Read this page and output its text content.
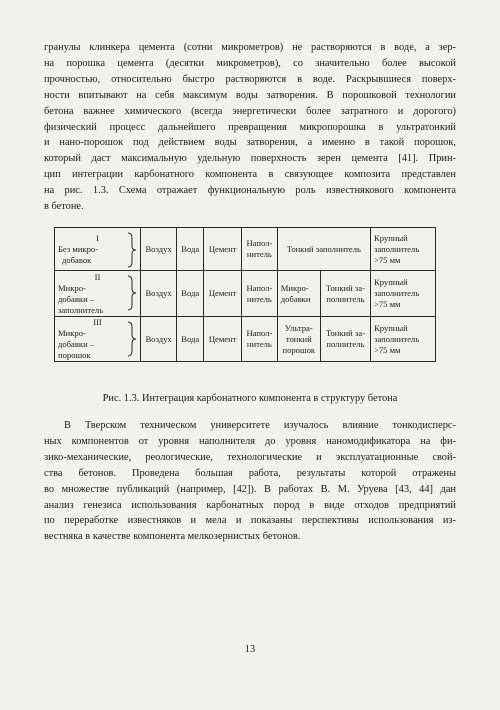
гранулы клинкера цемента (сотни микрометров) не растворяются в воде, а зер-
на порошка цемента (десятки микрометров), со значительно более высокой
прочностью, относительно быстро растворяются в воде. Раскрывшиеся поверх-
ности впитывают на себя максимум воды затворения. В порошковой технологии
бетона важнее химического (всегда энергетически более затратного и дорогого)
физический процесс дальнейшего превращения микропорошка в ультратонкий
и нано-порошок под действием воды затворения, а именно в такой порошок,
который даст максимальную удельную поверхность зерен цемента [41]. Прин-
цип интеграции карбонатного компонента в связующее композита представлен
на рис. 1.3. Схема отражает функциональную роль известнякового компонента
в бетоне.
I
Без микро-
добавок	Воздух	Вода	Цемент	Напол-
нитель	Тонкий заполнитель		Крупный
заполнитель
>75 мм

II
Микро-
добавки –
заполнитель	Воздух	Вода	Цемент	Напол-
нитель	Микро-
добавки	Тонкий за-
полнитель	Крупный
заполнитель
>75 мм

III
Микро-
добавки –
порошок	Воздух	Вода	Цемент	Напол-
нитель	Ультра-
тонкий
порошок	Тонкий за-
полнитель	Крупный
заполнитель
>75 мм
Рис. 1.3. Интеграция карбонатного компонента в структуру бетона
В Тверском техническом университете изучалось влияние тонкодисперс-
ных компонентов от уровня наполнителя до уровня наномодификатора на фи-
зико-механические, реологические, технологические и эксплуатационные свой-
ства бетонов. Проведена большая работа, результаты которой отражены
во множестве публикаций (например, [42]). В работах В. М. Уруева [43, 44] дан
анализ генезиса использования карбонатных пород в виде отходов предприятий
по переработке известняков и мела и показаны перспективы использования из-
вестняка в качестве компонента мелкозернистых бетонов.
13
